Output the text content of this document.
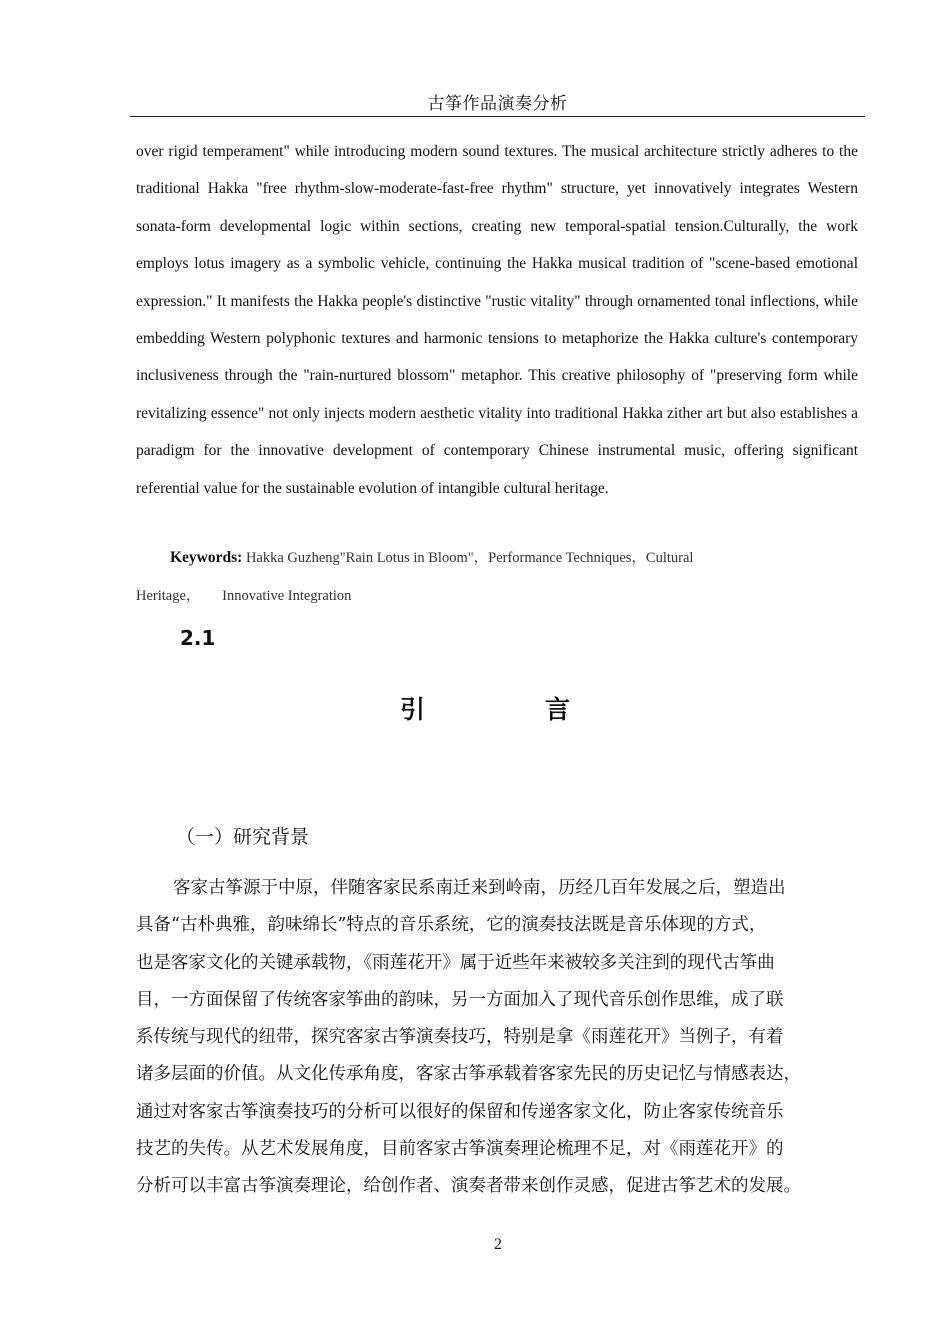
古筝作品演奏分析

over rigid temperament" while introducing modern sound textures. The musical architecture strictly adheres to the traditional Hakka "free rhythm-slow-moderate-fast-free rhythm" structure, yet innovatively integrates Western sonata-form developmental logic within sections, creating new temporal-spatial tension.Culturally, the work employs lotus imagery as a symbolic vehicle, continuing the Hakka musical tradition of "scene-based emotional expression." It manifests the Hakka people's distinctive "rustic vitality" through ornamented tonal inflections, while embedding Western polyphonic textures and harmonic tensions to metaphorize the Hakka culture's contemporary inclusiveness through the "rain-nurtured blossom" metaphor. This creative philosophy of "preserving form while revitalizing essence" not only injects modern aesthetic vitality into traditional Hakka zither art but also establishes a paradigm for the innovative development of contemporary Chinese instrumental music, offering significant referential value for the sustainable evolution of intangible cultural heritage.

Keywords: Hakka Guzheng"Rain Lotus in Bloom"，Performance Techniques，Cultural
Heritage，      Innovative Integration
2.1
引	言
（一）研究背景
客家古筝源于中原，伴随客家民系南迁来到岭南，历经几百年发展之后，塑造出
具备“古朴典雅，韵味绵长”特点的音乐系统，它的演奏技法既是音乐体现的方式，
也是客家文化的关键承载物，《雨莲花开》属于近些年来被较多关注到的现代古筝曲
目，一方面保留了传统客家筝曲的韵味，另一方面加入了现代音乐创作思维，成了联
系传统与现代的纽带，探究客家古筝演奏技巧，特别是拿《雨莲花开》当例子，有着
诸多层面的价值。从文化传承角度，客家古筝承载着客家先民的历史记忆与情感表达，
通过对客家古筝演奏技巧的分析可以很好的保留和传递客家文化，防止客家传统音乐
技艺的失传。从艺术发展角度，目前客家古筝演奏理论梳理不足，对《雨莲花开》的
分析可以丰富古筝演奏理论，给创作者、演奏者带来创作灵感，促进古筝艺术的发展。
2
